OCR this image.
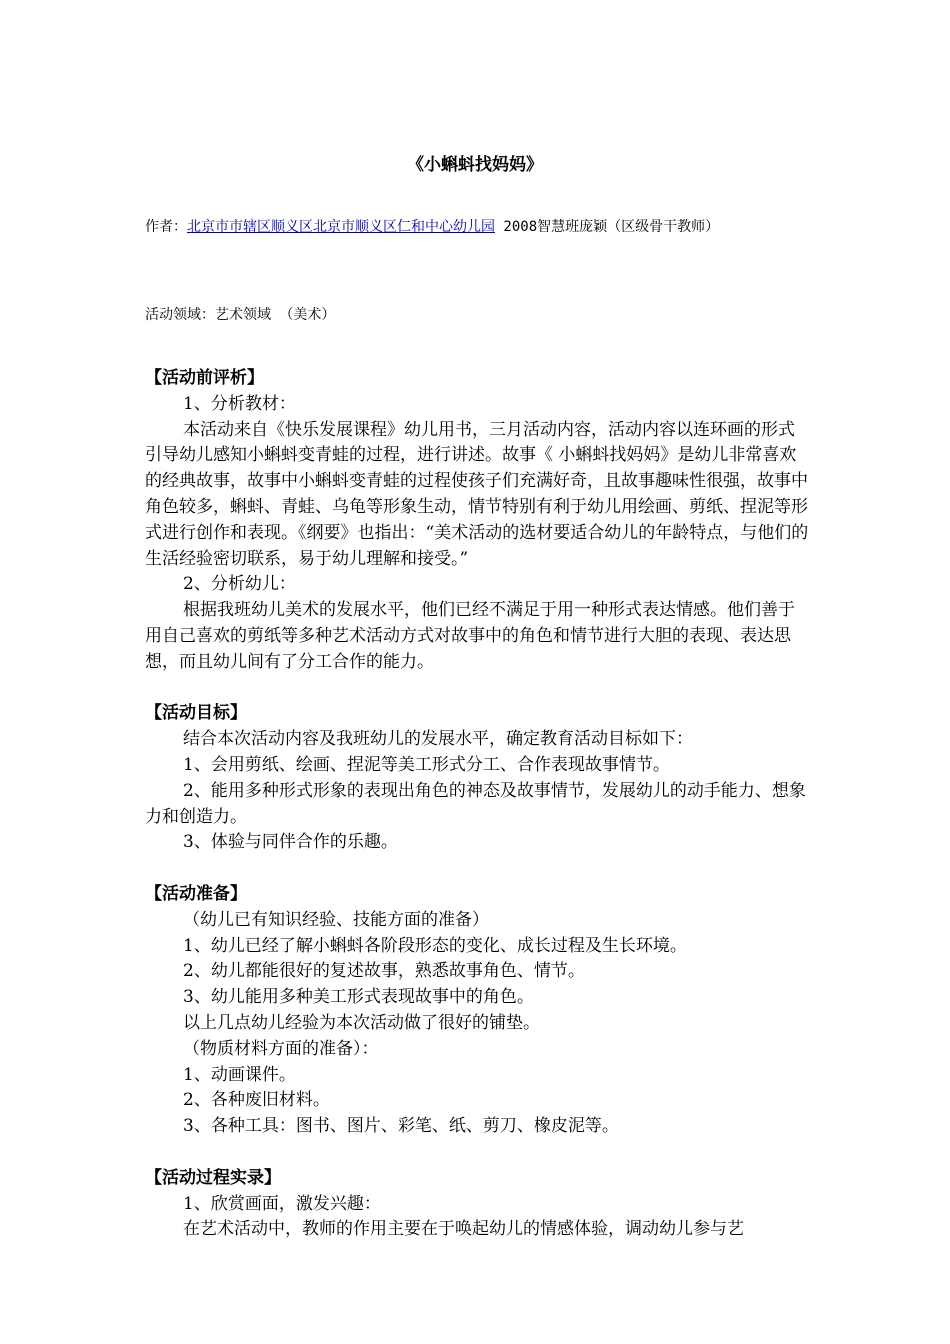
《小蝌蚪找妈妈》
作者：北京市市辖区顺义区北京市顺义区仁和中心幼儿园 2008智慧班庞颖（区级骨干教师）
活动领域：艺术领域 （美术）

【活动前评析】

1、分析教材：

本活动来自《快乐发展课程》幼儿用书，三月活动内容，活动内容以连环画的形式引导幼儿感知小蝌蚪变青蛙的过程，进行讲述。故事《 小蝌蚪找妈妈》是幼儿非常喜欢的经典故事，故事中小蝌蚪变青蛙的过程使孩子们充满好奇，且故事趣味性很强，故事中角色较多，蝌蚪、青蛙、乌龟等形象生动，情节特别有利于幼儿用绘画、剪纸、捏泥等形式进行创作和表现。《纲要》也指出：“美术活动的选材要适合幼儿的年龄特点，与他们的生活经验密切联系，易于幼儿理解和接受。”

2、分析幼儿：

根据我班幼儿美术的发展水平，他们已经不满足于用一种形式表达情感。他们善于用自己喜欢的剪纸等多种艺术活动方式对故事中的角色和情节进行大胆的表现、表达思想，而且幼儿间有了分工合作的能力。

【活动目标】

结合本次活动内容及我班幼儿的发展水平，确定教育活动目标如下：

1、会用剪纸、绘画、捏泥等美工形式分工、合作表现故事情节。

2、能用多种形式形象的表现出角色的神态及故事情节，发展幼儿的动手能力、想象力和创造力。

3、体验与同伴合作的乐趣。

【活动准备】

（幼儿已有知识经验、技能方面的准备）

1、幼儿已经了解小蝌蚪各阶段形态的变化、成长过程及生长环境。

2、幼儿都能很好的复述故事，熟悉故事角色、情节。

3、幼儿能用多种美工形式表现故事中的角色。

以上几点幼儿经验为本次活动做了很好的铺垫。

（物质材料方面的准备）：

1、动画课件。

2、各种废旧材料。

3、各种工具：图书、图片、彩笔、纸、剪刀、橡皮泥等。

【活动过程实录】

1、欣赏画面，激发兴趣：

在艺术活动中，教师的作用主要在于唤起幼儿的情感体验，调动幼儿参与艺
